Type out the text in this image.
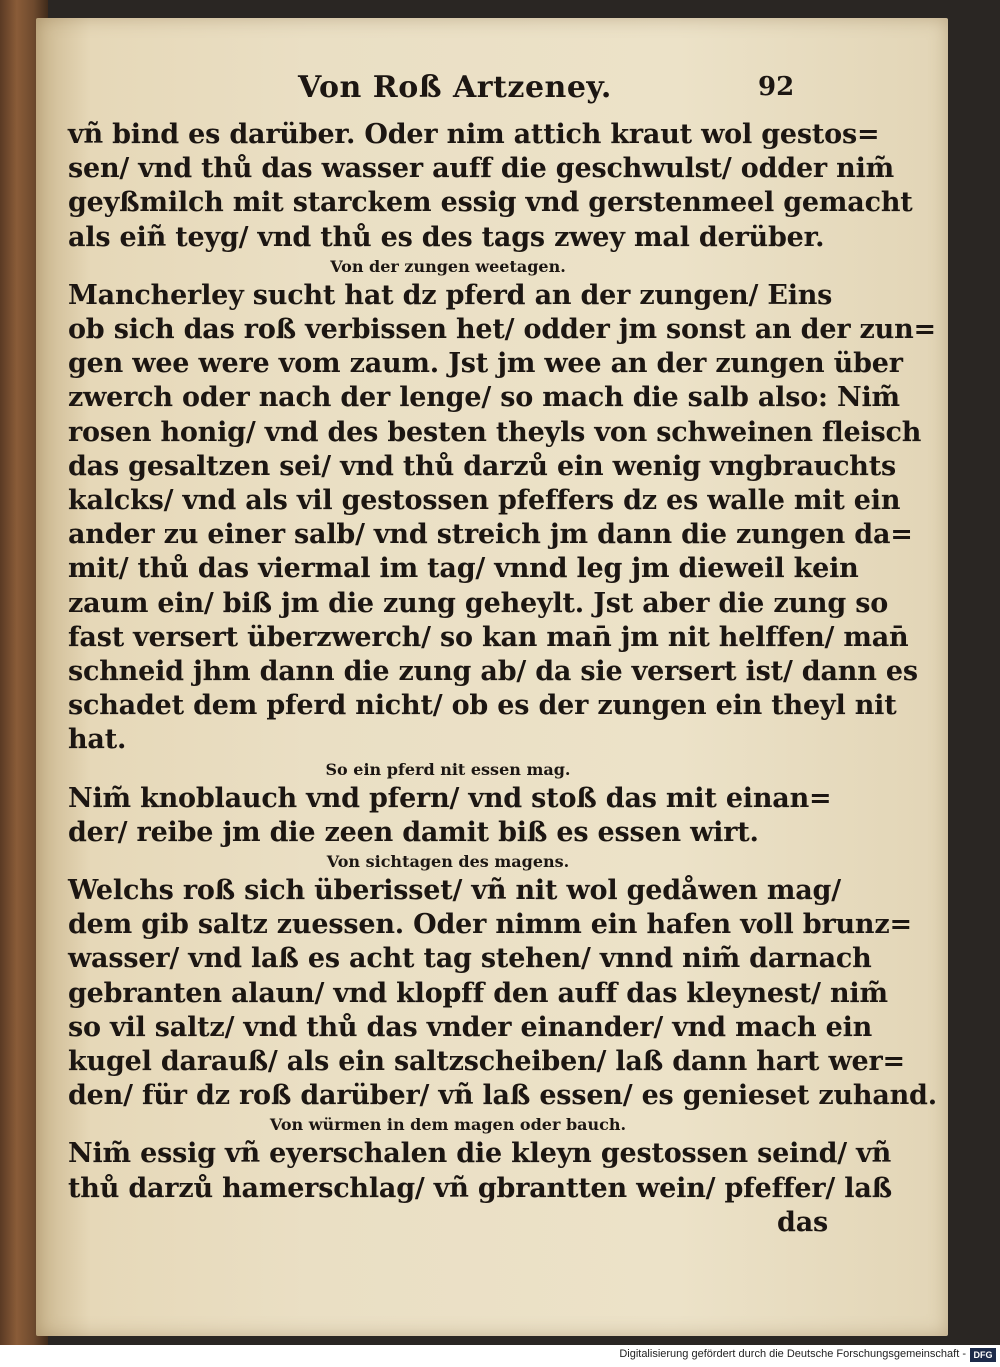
Von Roß Artzeney.	92
vñ bind es darüber. Oder nim attich kraut wol gestos=
sen/ vnd thů das wasser auff die geschwulst/ odder nim̃
geyßmilch mit starckem essig vnd gerstenmeel gemacht
als eiñ teyg/ vnd thů es des tags zwey mal derüber.
Von der zungen weetagen.
Mancherley sucht hat dz pferd an der zungen/ Eins
ob sich das roß verbissen het/ odder jm sonst an der zun=
gen wee were vom zaum. Jst jm wee an der zungen über
zwerch oder nach der lenge/ so mach die salb also: Nim̃
rosen honig/ vnd des besten theyls von schweinen fleisch
das gesaltzen sei/ vnd thů darzů ein wenig vngbrauchts
kalcks/ vnd als vil gestossen pfeffers dz es walle mit ein
ander zu einer salb/ vnd streich jm dann die zungen da=
mit/ thů das viermal im tag/ vnnd leg jm dieweil kein
zaum ein/ biß jm die zung geheylt. Jst aber die zung so
fast versert überzwerch/ so kan man̄ jm nit helffen/ man̄
schneid jhm dann die zung ab/ da sie versert ist/ dann es
schadet dem pferd nicht/ ob es der zungen ein theyl nit
hat.
So ein pferd nit essen mag.
Nim̃ knoblauch vnd pfern/ vnd stoß das mit einan=
der/ reibe jm die zeen damit biß es essen wirt.
Von sichtagen des magens.
Welchs roß sich überisset/ vñ nit wol gedåwen mag/
dem gib saltz zuessen. Oder nimm ein hafen voll brunz=
wasser/ vnd laß es acht tag stehen/ vnnd nim̃ darnach
gebranten alaun/ vnd klopff den auff das kleynest/ nim̃
so vil saltz/ vnd thů das vnder einander/ vnd mach ein
kugel darauß/ als ein saltzscheiben/ laß dann hart wer=
den/ für dz roß darüber/ vñ laß essen/ es genieset zuhand.
Von würmen in dem magen oder bauch.
Nim̃ essig vñ eyerschalen die kleyn gestossen seind/ vñ
thů darzů hamerschlag/ vñ gbrantten wein/ pfeffer/ laß
das
Digitalisierung gefördert durch die Deutsche Forschungsgemeinschaft - DFG
